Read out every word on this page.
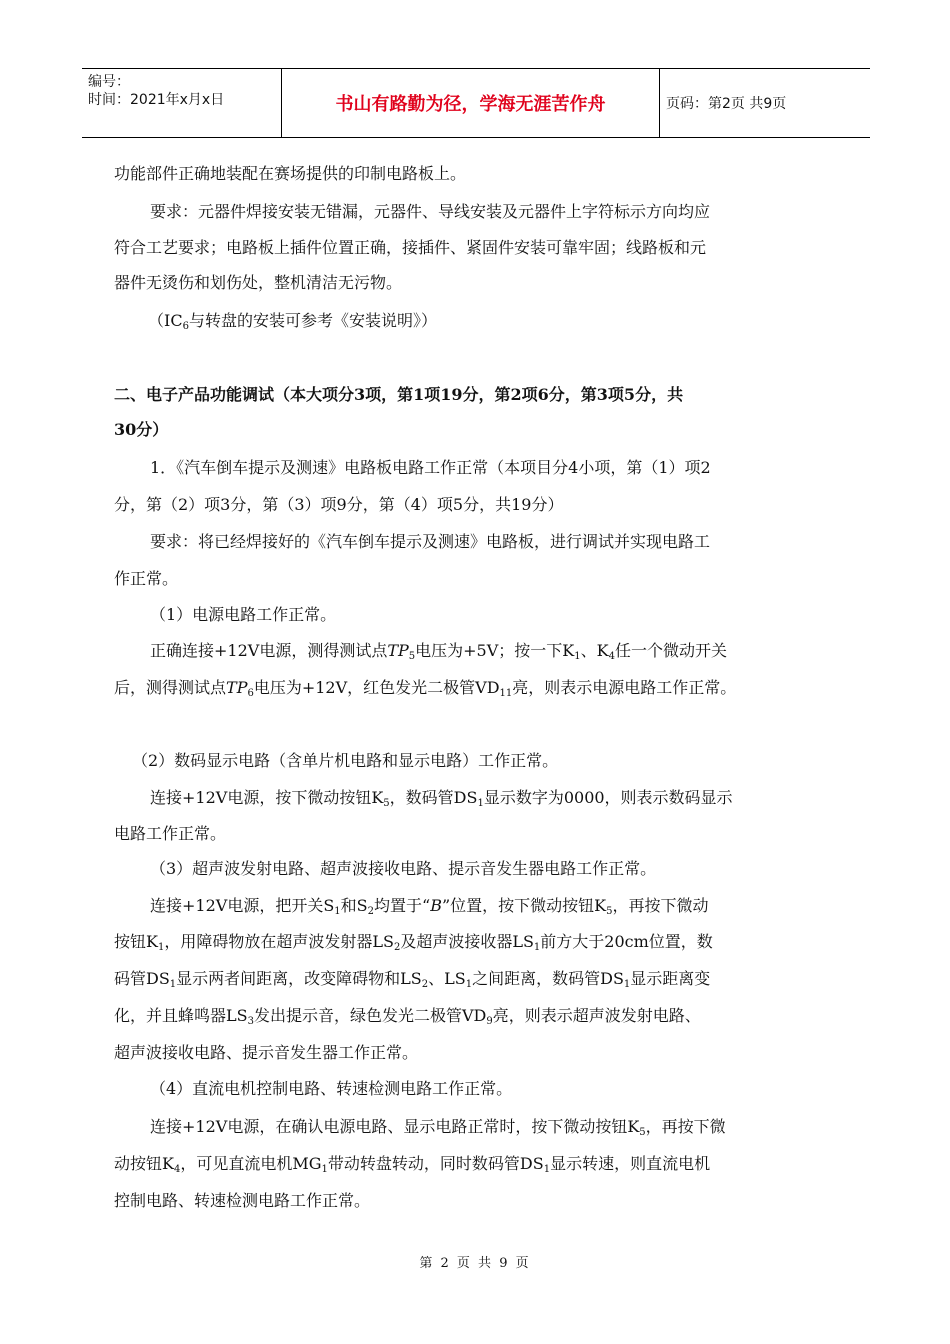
编号：
时间：2021年x月x日	书山有路勤为径，学海无涯苦作舟	页码：第2页 共9页
功能部件正确地装配在赛场提供的印制电路板上。
要求：元器件焊接安装无错漏，元器件、导线安装及元器件上字符标示方向均应
符合工艺要求；电路板上插件位置正确，接插件、紧固件安装可靠牢固；线路板和元
器件无烫伤和划伤处，整机清洁无污物。
（$IC_6$与转盘的安装可参考《安装说明》）
二、电子产品功能调试（本大项分3项，第1项19分，第2项6分，第3项5分，共
30分）
1．《汽车倒车提示及测速》电路板电路工作正常（本项目分4小项，第（1）项2
分，第（2）项3分，第（3）项9分，第（4）项5分，共19分）
要求：将已经焊接好的《汽车倒车提示及测速》电路板，进行调试并实现电路工
作正常。
（1）电源电路工作正常。
正确连接+12V电源，测得测试点$TP_5$电压为+5V；按一下$K_1$、$K_4$任一个微动开关
后，测得测试点$TP_6$电压为+12V，红色发光二极管$VD_{11}$亮，则表示电源电路工作正常。
（2）数码显示电路（含单片机电路和显示电路）工作正常。
连接+12V电源，按下微动按钮$K_5$，数码管$DS_1$显示数字为0000，则表示数码显示
电路工作正常。
（3）超声波发射电路、超声波接收电路、提示音发生器电路工作正常。
连接+12V电源，把开关$S_1$和$S_2$均置于“B”位置，按下微动按钮$K_5$，再按下微动
按钮$K_1$，用障碍物放在超声波发射器$LS_2$及超声波接收器$LS_1$前方大于20cm位置，数
码管$DS_1$显示两者间距离，改变障碍物和$LS_2$、$LS_1$之间距离，数码管$DS_1$显示距离变
化，并且蜂鸣器$LS_3$发出提示音，绿色发光二极管$VD_9$亮，则表示超声波发射电路、
超声波接收电路、提示音发生器工作正常。
（4）直流电机控制电路、转速检测电路工作正常。
连接+12V电源，在确认电源电路、显示电路正常时，按下微动按钮$K_5$，再按下微
动按钮$K_4$，可见直流电机$MG_1$带动转盘转动，同时数码管$DS_1$显示转速，则直流电机
控制电路、转速检测电路工作正常。
第 2 页 共 9 页
